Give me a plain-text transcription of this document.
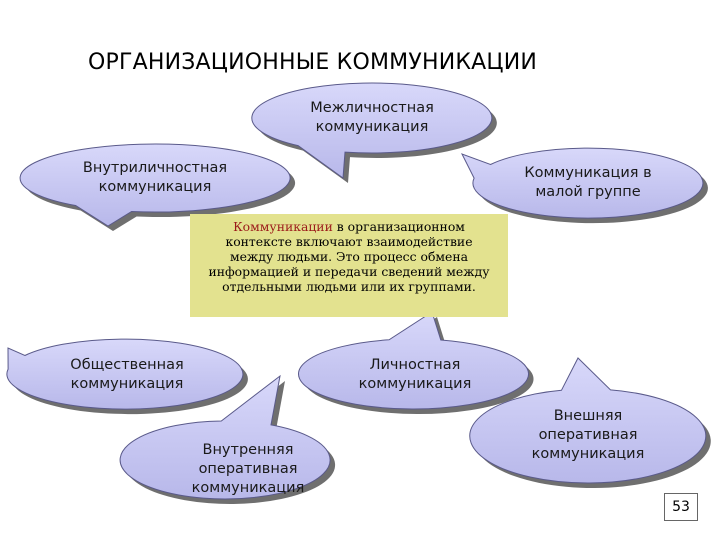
ОРГАНИЗАЦИОННЫЕ КОММУНИКАЦИИ
Межличностная
коммуникация
Внутриличностная
коммуникация
Коммуникация в
малой группе
Общественная
коммуникация
Личностная
коммуникация
Внутренняя
оперативная
коммуникация
Внешняя
оперативная
коммуникация
Коммуникации в организационном
контексте включают взаимодействие
между людьми. Это процесс обмена
информацией и передачи сведений между
отдельными людьми или их группами.
53
